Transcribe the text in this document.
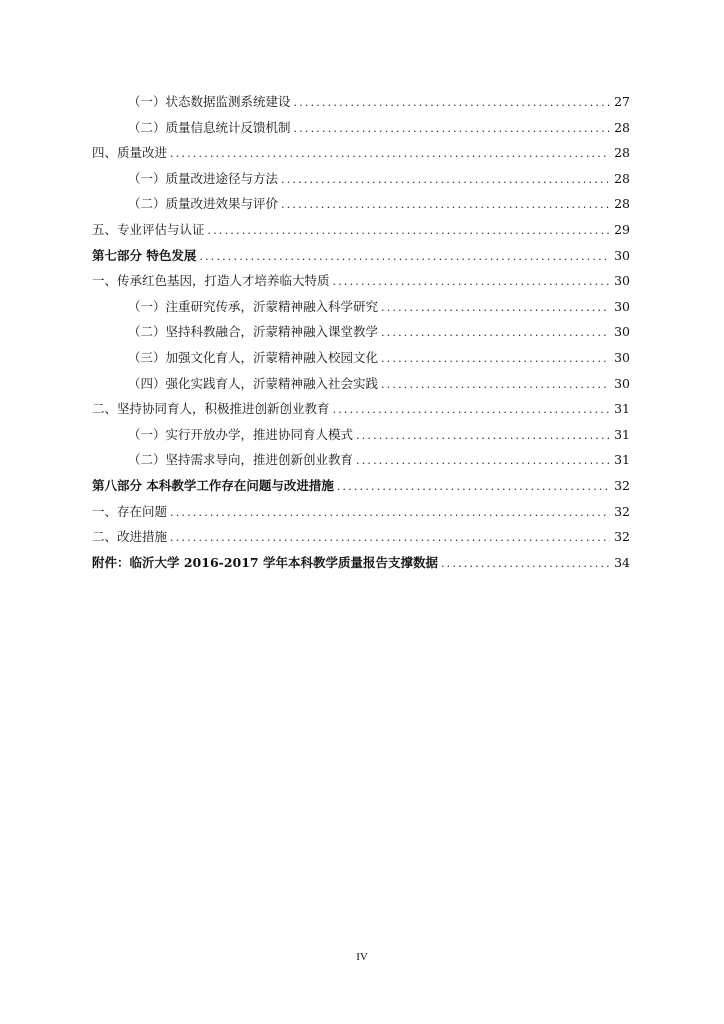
（一）状态数据监测系统建设 .....	27
（二）质量信息统计反馈机制 .....	28
四、质量改进 .....	28
（一）质量改进途径与方法 .....	28
（二）质量改进效果与评价 .....	28
五、专业评估与认证 .....	29
第七部分 特色发展 .....	30
一、传承红色基因，打造人才培养临大特质 .....	30
（一）注重研究传承，沂蒙精神融入科学研究 .....	30
（二）坚持科教融合，沂蒙精神融入课堂教学 .....	30
（三）加强文化育人，沂蒙精神融入校园文化 .....	30
（四）强化实践育人，沂蒙精神融入社会实践 .....	30
二、坚持协同育人，积极推进创新创业教育 .....	31
（一）实行开放办学，推进协同育人模式 .....	31
（二）坚持需求导向，推进创新创业教育 .....	31
第八部分 本科教学工作存在问题与改进措施 .....	32
一、存在问题 .....	32
二、改进措施 .....	32
附件：临沂大学 2016-2017 学年本科教学质量报告支撑数据 .....	34
IV
